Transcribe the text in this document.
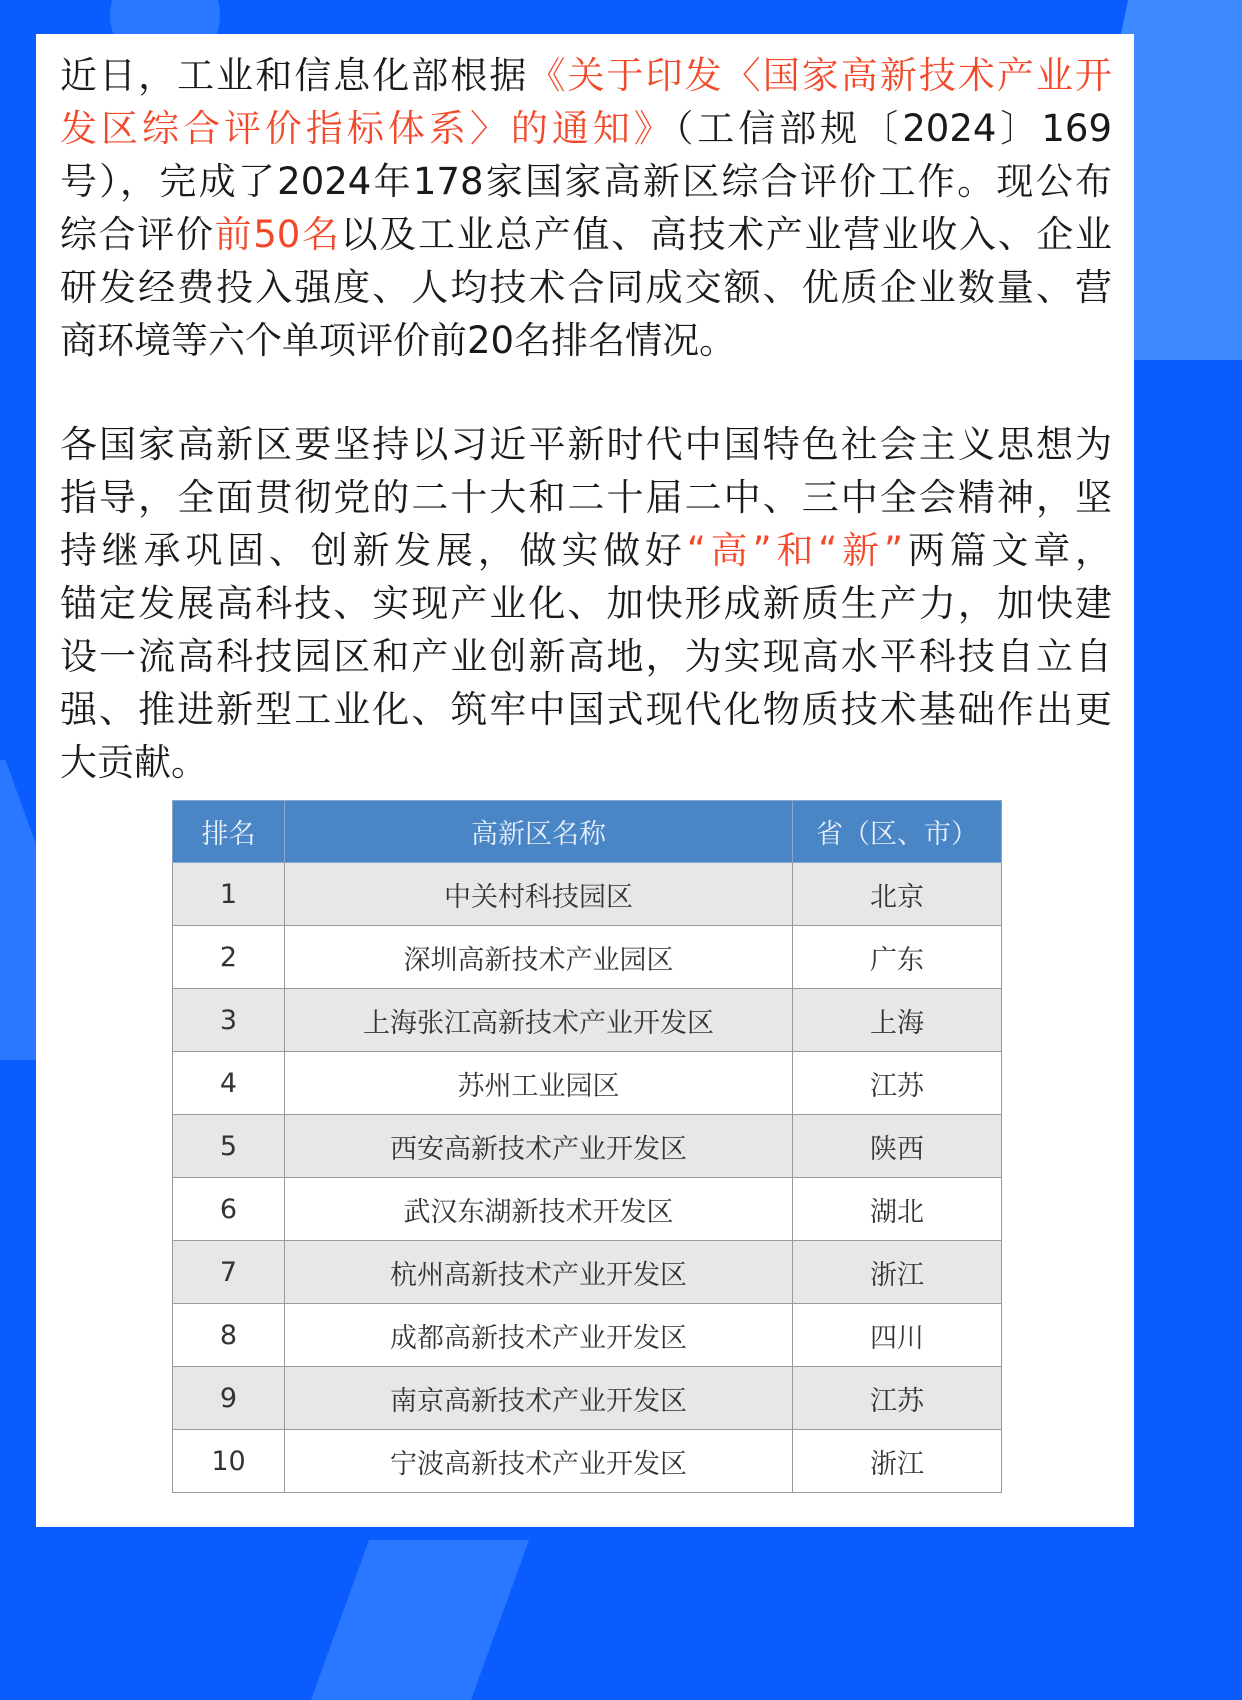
近日，工业和信息化部根据《关于印发〈国家高新技术产业开
发区综合评价指标体系〉的通知》（工信部规〔2024〕169
号），完成了2024年178家国家高新区综合评价工作。现公布
综合评价前50名以及工业总产值、高技术产业营业收入、企业
研发经费投入强度、人均技术合同成交额、优质企业数量、营
商环境等六个单项评价前20名排名情况。
各国家高新区要坚持以习近平新时代中国特色社会主义思想为
指导，全面贯彻党的二十大和二十届二中、三中全会精神，坚
持继承巩固、创新发展，做实做好“高”和“新”两篇文章，
锚定发展高科技、实现产业化、加快形成新质生产力，加快建
设一流高科技园区和产业创新高地，为实现高水平科技自立自
强、推进新型工业化、筑牢中国式现代化物质技术基础作出更
大贡献。
排名	高新区名称	省（区、市）
1	中关村科技园区	北京
2	深圳高新技术产业园区	广东
3	上海张江高新技术产业开发区	上海
4	苏州工业园区	江苏
5	西安高新技术产业开发区	陕西
6	武汉东湖新技术开发区	湖北
7	杭州高新技术产业开发区	浙江
8	成都高新技术产业开发区	四川
9	南京高新技术产业开发区	江苏
10	宁波高新技术产业开发区	浙江
